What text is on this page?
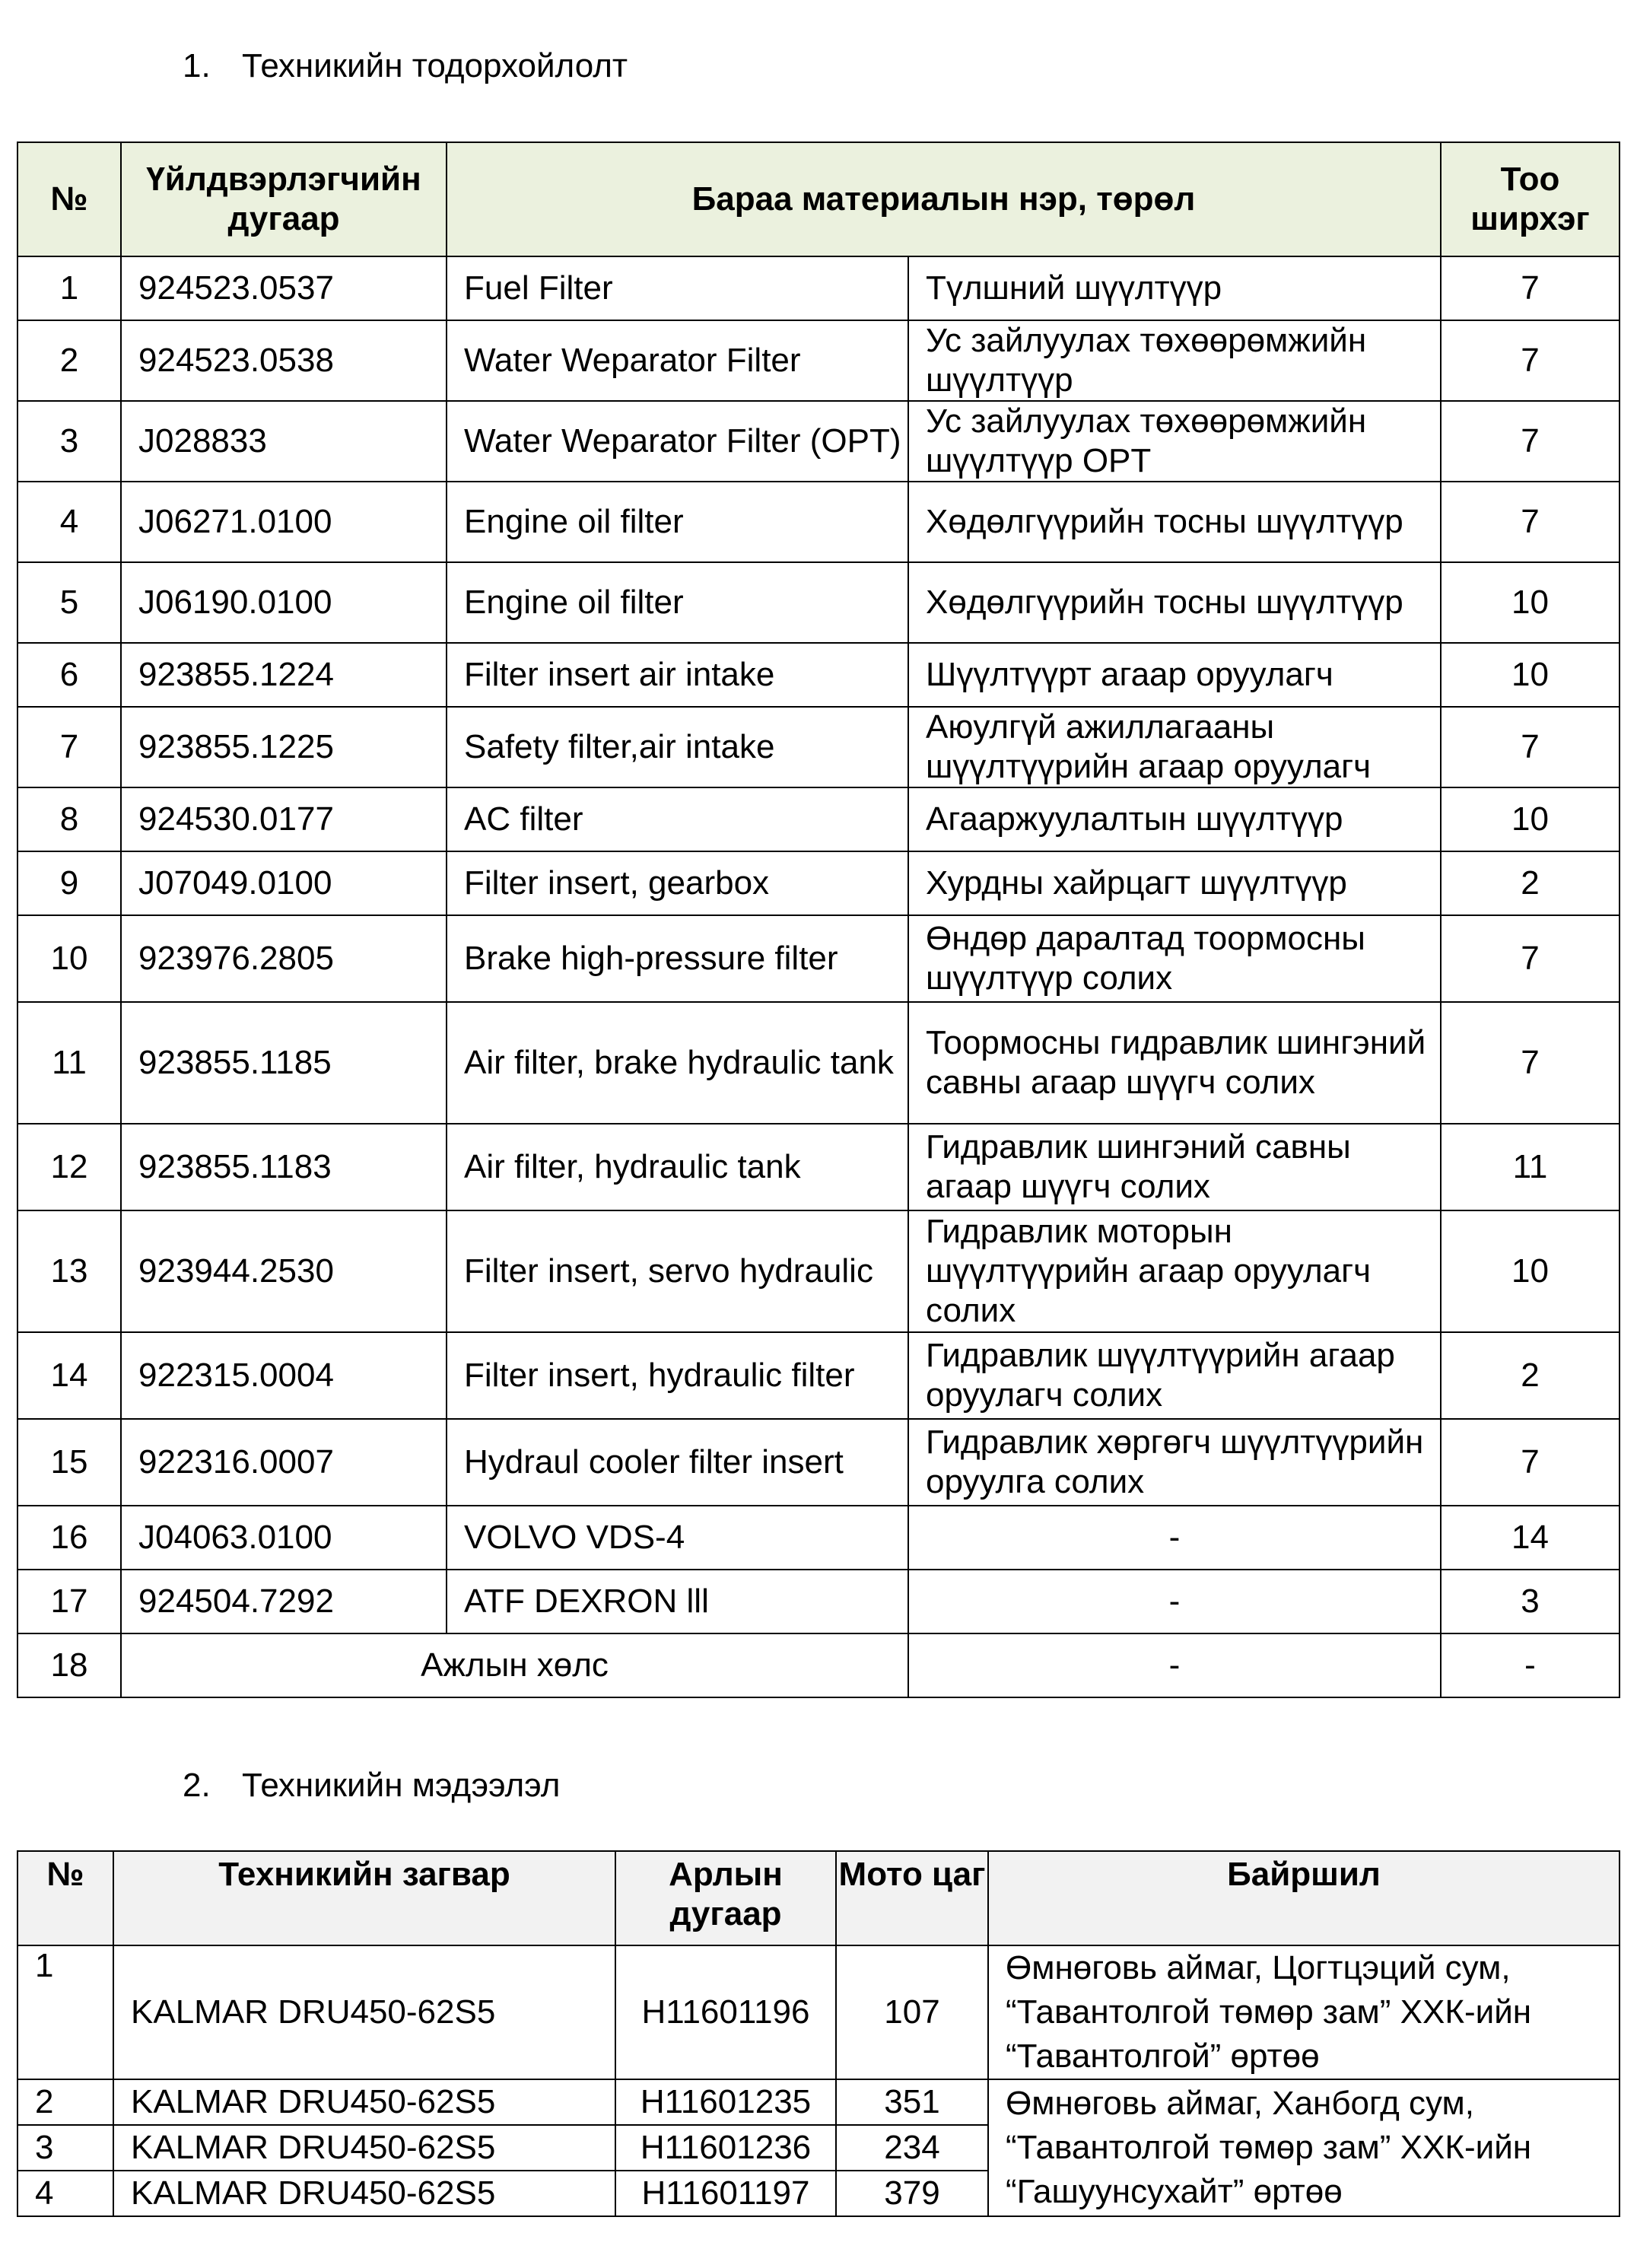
1. Техникийн тодорхойлолт
№	Үйлдвэрлэгчийн дугаар	Бараа материалын нэр, төрөл		Тоо ширхэг
1	924523.0537	Fuel Filter	Түлшний шүүлтүүр	7
2	924523.0538	Water Weparator Filter	Ус зайлуулах төхөөрөмжийн шүүлтүүр	7
3	J028833	Water Weparator Filter (OPT)	Ус зайлуулах төхөөрөмжийн шүүлтүүр OPT	7
4	J06271.0100	Engine oil filter	Хөдөлгүүрийн тосны шүүлтүүр	7
5	J06190.0100	Engine oil filter	Хөдөлгүүрийн тосны шүүлтүүр	10
6	923855.1224	Filter insert air intake	Шүүлтүүрт агаар оруулагч	10
7	923855.1225	Safety filter,air intake	Аюулгүй ажиллагааны шүүлтүүрийн агаар оруулагч	7
8	924530.0177	AC filter	Агааржуулалтын шүүлтүүр	10
9	J07049.0100	Filter insert, gearbox	Хурдны хайрцагт шүүлтүүр	2
10	923976.2805	Brake high-pressure filter	Өндөр даралтад тоормосны шүүлтүүр солих	7
11	923855.1185	Air filter, brake hydraulic tank	Тоормосны гидравлик шингэний савны агаар шүүгч солих	7
12	923855.1183	Air filter, hydraulic tank	Гидравлик шингэний савны агаар шүүгч солих	11
13	923944.2530	Filter insert, servo hydraulic	Гидравлик моторын шүүлтүүрийн агаар оруулагч солих	10
14	922315.0004	Filter insert, hydraulic filter	Гидравлик шүүлтүүрийн агаар оруулагч солих	2
15	922316.0007	Hydraul cooler filter insert	Гидравлик хөргөгч шүүлтүүрийн оруулга солих	7
16	J04063.0100	VOLVO VDS-4	-	14
17	924504.7292	ATF DEXRON lll	-	3
18	Ажлын хөлс		-	-
2. Техникийн мэдээлэл
№	Техникийн загвар	Арлын дугаар	Мото цаг	Байршил
1	KALMAR DRU450-62S5	H11601196	107	Өмнөговь аймаг, Цогтцэций сум, “Тавантолгой төмөр зам” ХХК-ийн “Тавантолгой” өртөө
2	KALMAR DRU450-62S5	H11601235	351	Өмнөговь аймаг, Ханбогд сум, “Тавантолгой төмөр зам” ХХК-ийн “Гашуунсухайт” өртөө
3	KALMAR DRU450-62S5	H11601236	234	
4	KALMAR DRU450-62S5	H11601197	379	
